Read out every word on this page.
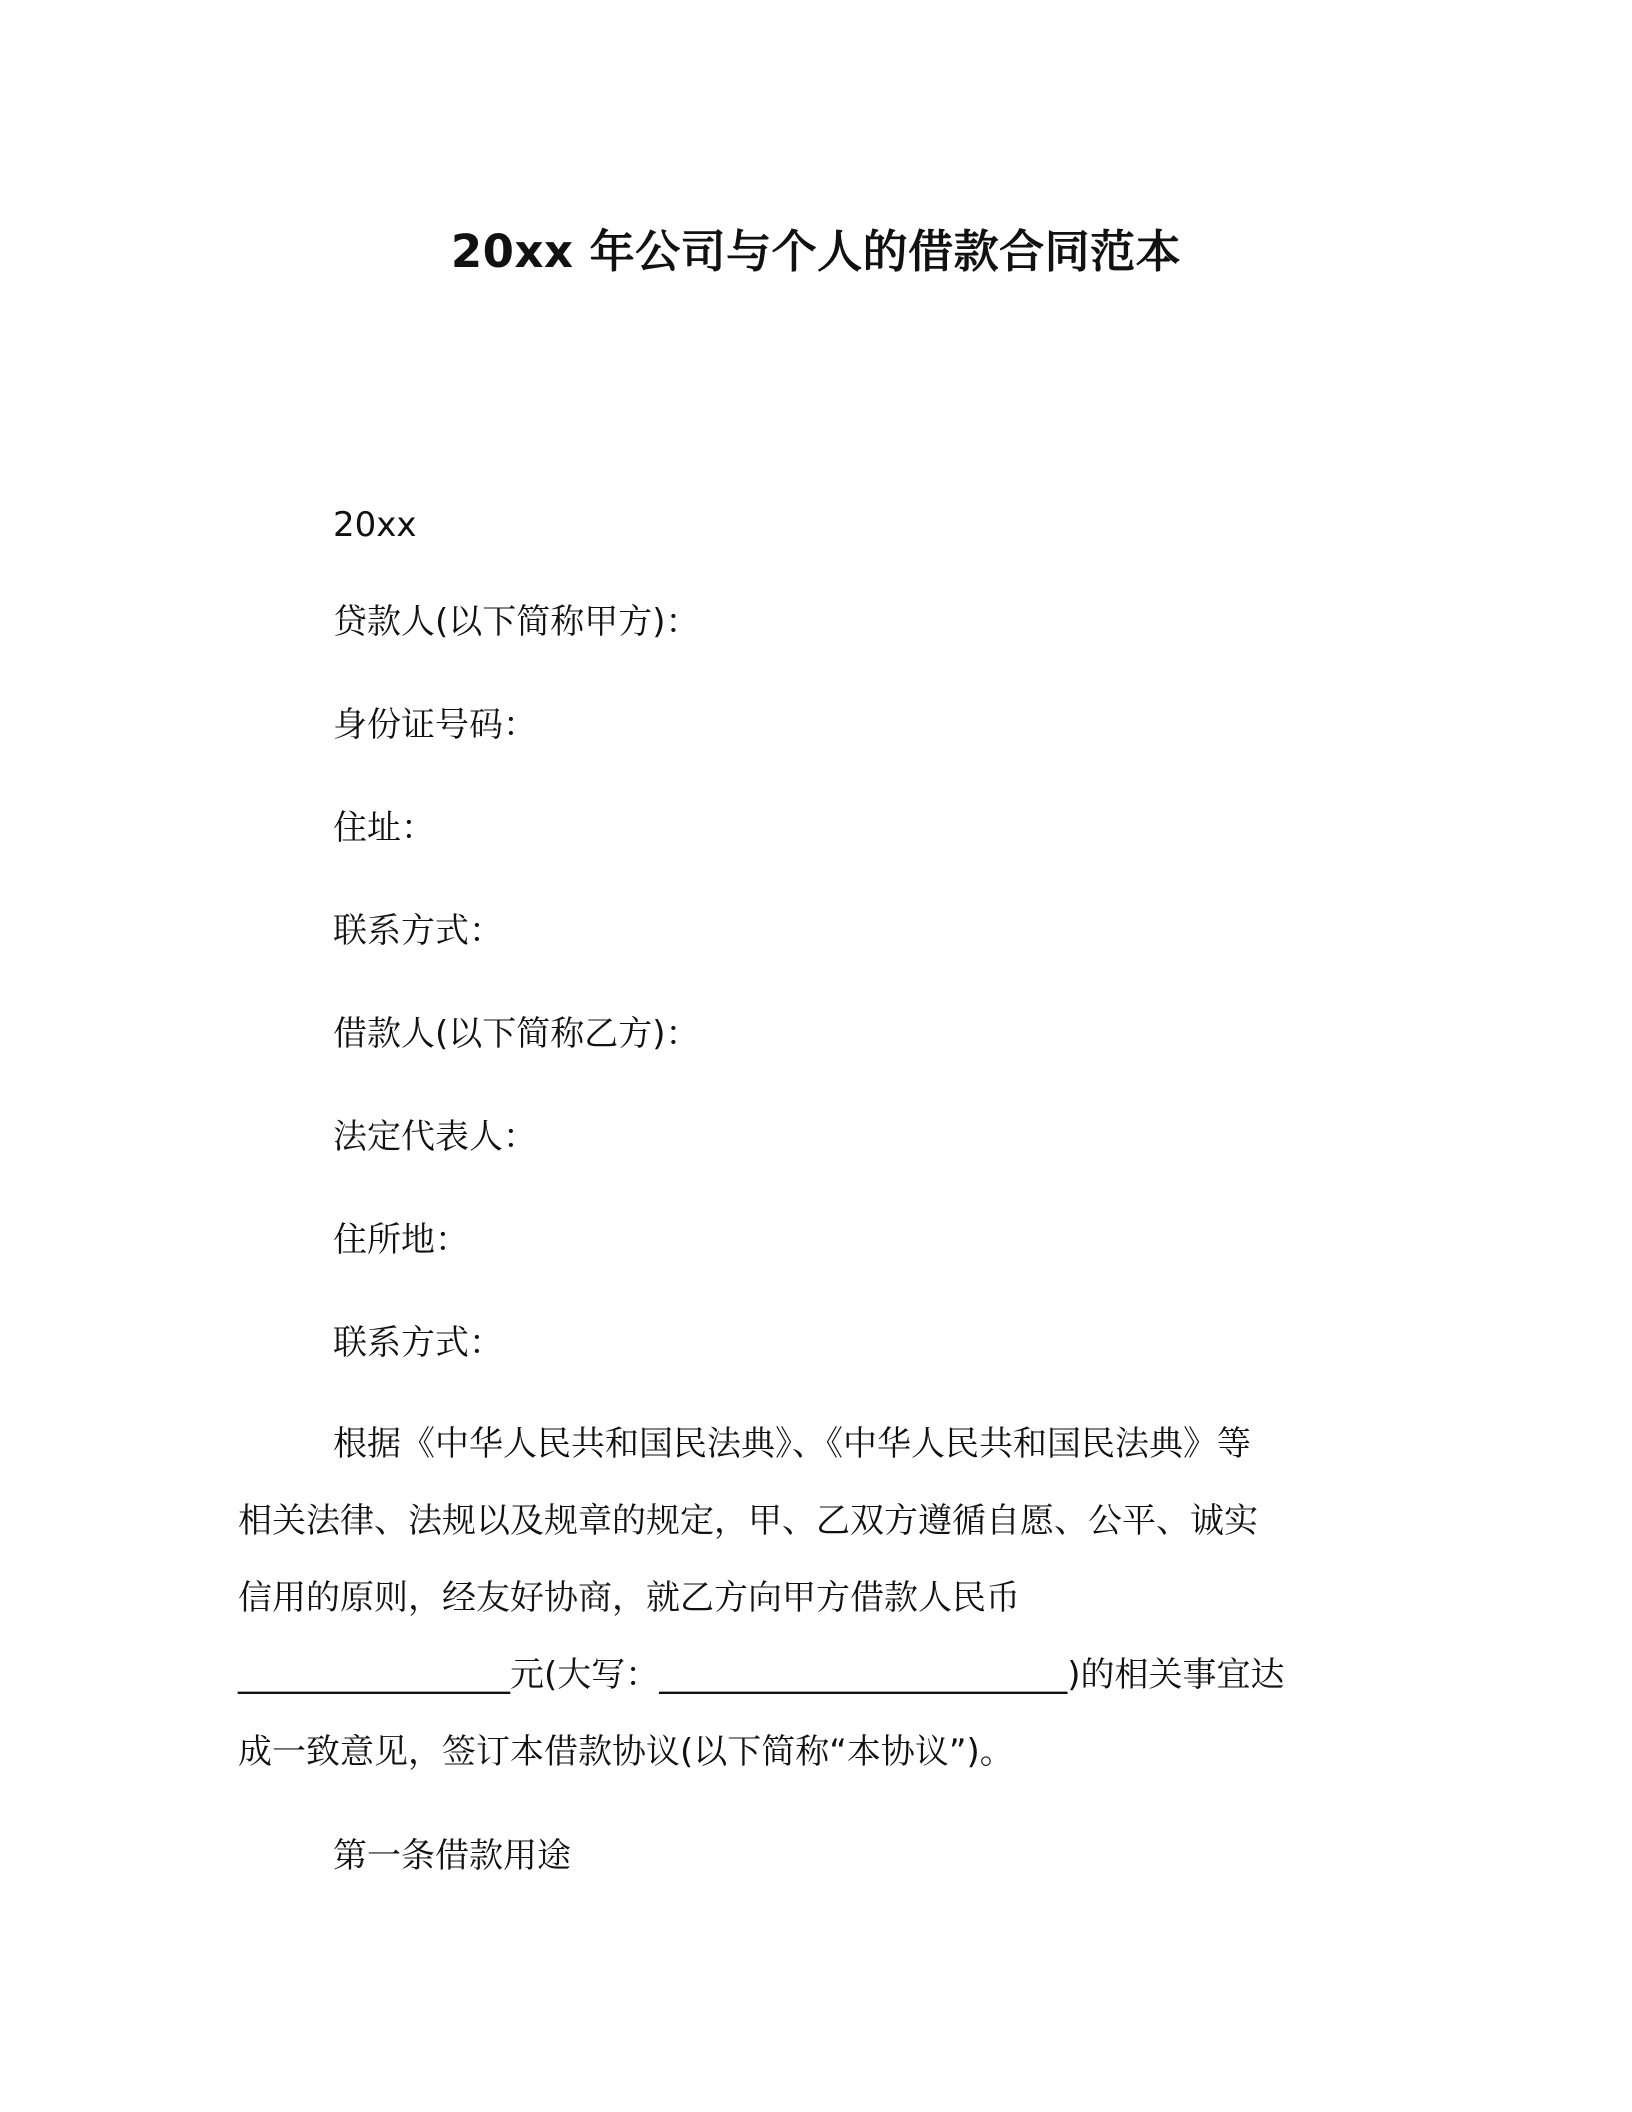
20xx 年公司与个人的借款合同范本
20xx
贷款人(以下简称甲方)：
身份证号码：
住址：
联系方式：
借款人(以下简称乙方)：
法定代表人：
住所地：
联系方式：
根据《中华人民共和国民法典》、《中华人民共和国民法典》等
相关法律、法规以及规章的规定，甲、乙双方遵循自愿、公平、诚实
信用的原则，经友好协商，就乙方向甲方借款人民币
________________元(大写：________________________)的相关事宜达
成一致意见，签订本借款协议(以下简称“本协议”)。
第一条借款用途
